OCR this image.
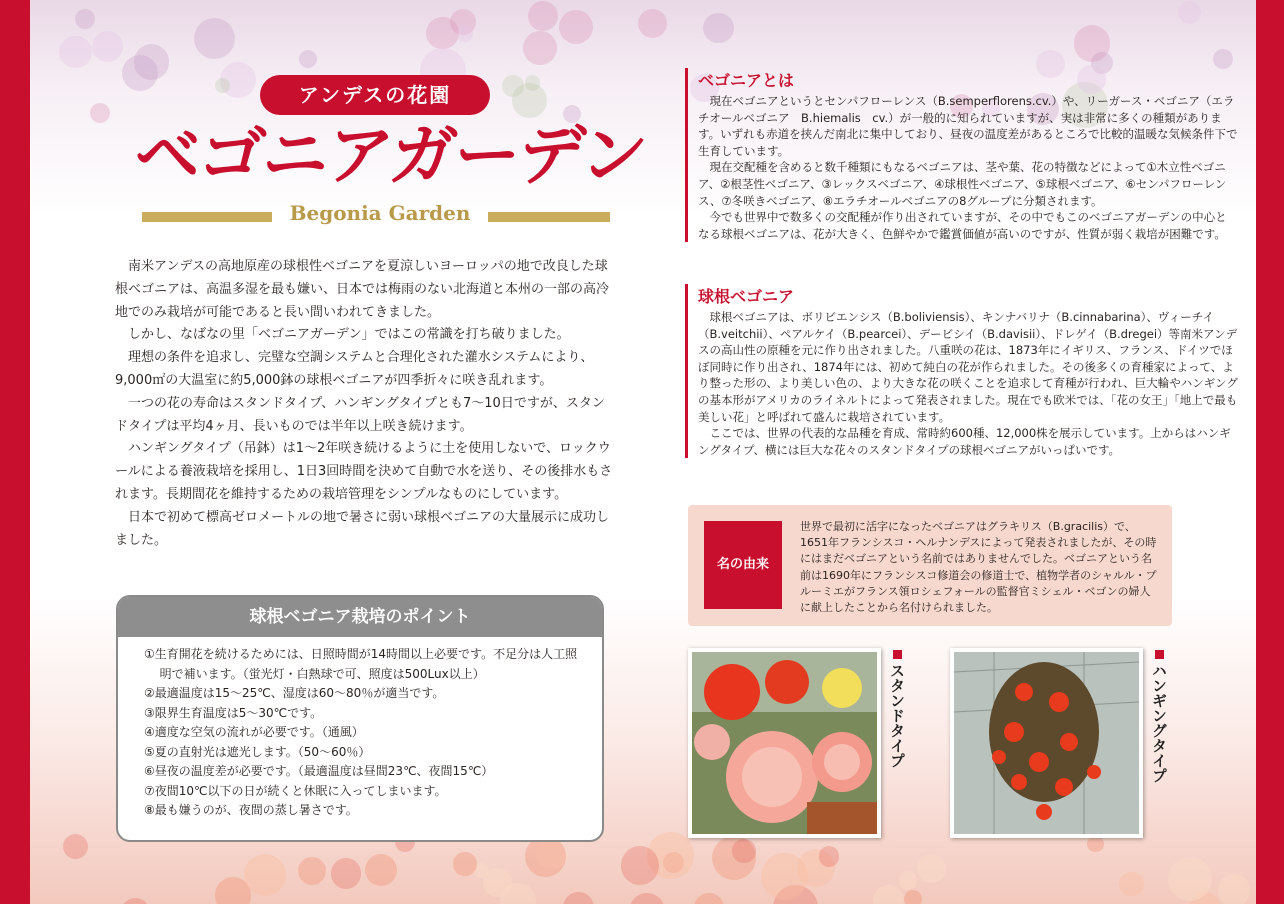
アンデスの花園
ベゴニアガーデン
Begonia Garden

南米アンデスの高地原産の球根性ベゴニアを夏涼しいヨーロッパの地で改良した球根ベゴニアは、高温多湿を最も嫌い、日本では梅雨のない北海道と本州の一部の高冷地でのみ栽培が可能であると長い間いわれてきました。

しかし、なばなの里「ベゴニアガーデン」ではこの常識を打ち破りました。

理想の条件を追求し、完璧な空調システムと合理化された灌水システムにより、9,000㎡の大温室に約5,000鉢の球根ベゴニアが四季折々に咲き乱れます。

一つの花の寿命はスタンドタイプ、ハンギングタイプとも7～10日ですが、スタンドタイプは平均4ヶ月、長いものでは半年以上咲き続けます。

ハンギングタイプ（吊鉢）は1～2年咲き続けるように土を使用しないで、ロックウールによる養液栽培を採用し、1日3回時間を決めて自動で水を送り、その後排水もされます。長期間花を維持するための栽培管理をシンプルなものにしています。

日本で初めて標高ゼロメートルの地で暑さに弱い球根ベゴニアの大量展示に成功しました。

球根ベゴニア栽培のポイント
①生育開花を続けるためには、日照時間が14時間以上必要です。不足分は人工照明で補います。（蛍光灯・白熱球で可、照度は500Lux以上）
②最適温度は15～25℃、湿度は60～80％が適当です。
③限界生育温度は5～30℃です。
④適度な空気の流れが必要です。（通風）
⑤夏の直射光は遮光します。（50～60％）
⑥昼夜の温度差が必要です。（最適温度は昼間23℃、夜間15℃）
⑦夜間10℃以下の日が続くと休眠に入ってしまいます。
⑧最も嫌うのが、夜間の蒸し暑さです。
ベゴニアとは

現在ベゴニアというとセンパフローレンス（B.semperflorens.cv.）や、リーガース・ベゴニア（エラチオールベゴニア　B.hiemalis　cv.）が一般的に知られていますが、実は非常に多くの種類があります。いずれも赤道を挟んだ南北に集中しており、昼夜の温度差があるところで比較的温暖な気候条件下で生育しています。

現在交配種を含めると数千種類にもなるベゴニアは、茎や葉、花の特徴などによって①木立性ベゴニア、②根茎性ベゴニア、③レックスベゴニア、④球根性ベゴニア、⑤球根ベゴニア、⑥センパフローレンス、⑦冬咲きベゴニア、⑧エラチオールベゴニアの8グループに分類されます。

今でも世界中で数多くの交配種が作り出されていますが、その中でもこのベゴニアガーデンの中心となる球根ベゴニアは、花が大きく、色鮮やかで鑑賞価値が高いのですが、性質が弱く栽培が困難です。

球根ベゴニア

球根ベゴニアは、ボリビエンシス（B.boliviensis）、キンナバリナ（B.cinnabarina）、ヴィーチイ（B.veitchii）、ペアルケイ（B.pearcei）、デービシイ（B.davisii）、ドレゲイ（B.dregei）等南米アンデスの高山性の原種を元に作り出されました。八重咲の花は、1873年にイギリス、フランス、ドイツでほぼ同時に作り出され、1874年には、初めて純白の花が作られました。その後多くの育種家によって、より整った形の、より美しい色の、より大きな花の咲くことを追求して育種が行われ、巨大輪やハンギングの基本形がアメリカのライネルトによって発表されました。現在でも欧米では、「花の女王」「地上で最も美しい花」と呼ばれて盛んに栽培されています。

ここでは、世界の代表的な品種を育成、常時約600種、12,000株を展示しています。上からはハンギングタイプ、横には巨大な花々のスタンドタイプの球根ベゴニアがいっぱいです。

名の由来
世界で最初に活字になったベゴニアはグラキリス（B.gracilis）で、1651年フランシスコ・ヘルナンデスによって発表されましたが、その時にはまだベゴニアという名前ではありませんでした。ベゴニアという名前は1690年にフランシスコ修道会の修道士で、植物学者のシャルル・プルーミエがフランス領ロシェフォールの監督官ミシェル・ベゴンの婦人に献上したことから名付けられました。
スタンドタイプ	ハンギングタイプ
